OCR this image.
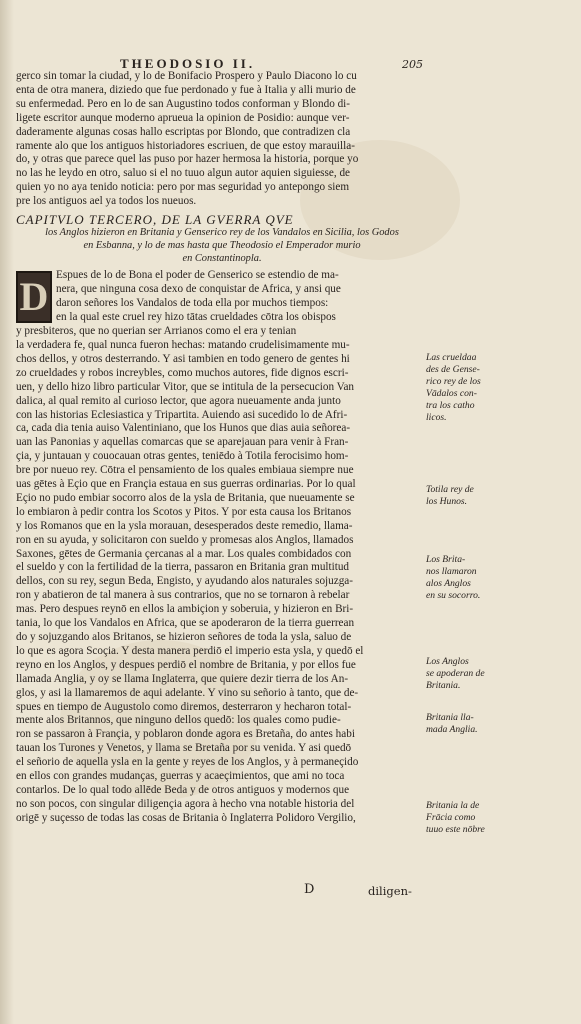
THEODOSIO II.	205
gerco sin tomar la ciudad, y lo de Bonifacio Prospero y Paulo Diacono lo cu
enta de otra manera, diziedo que fue perdonado y fue à Italia y alli murio de
su enfermedad. Pero en lo de san Augustino todos conforman y Blondo di-
ligete escritor aunque moderno aprueua la opinion de Posidio: aunque ver-
daderamente algunas cosas hallo escriptas por Blondo, que contradizen cla
ramente alo que los antiguos historiadores escriuen, de que estoy marauilla-
do, y otras que parece quel las puso por hazer hermosa la historia, porque yo
no las he leydo en otro, saluo si el no tuuo algun autor aquien siguiesse, de
quien yo no aya tenido noticia: pero por mas seguridad yo antepongo siem
pre los antiguos ael ya todos los nueuos.
CAPITVLO TERCERO, DE LA GVERRA QVE
los Anglos hizieron en Britania y Genserico rey de los Vandalos en Sicilia, los Godos
en Esbanna, y lo de mas hasta que Theodosio el Emperador murio
en Constantinopla.
D Espues de lo de Bona el poder de Genserico se estendio de ma-
nera, que ninguna cosa dexo de conquistar de Africa, y ansi que
daron señores los Vandalos de toda ella por muchos tiempos:
en la qual este cruel rey hizo tātas crueldades cōtra los obispos
y presbiteros, que no querian ser Arrianos como el era y tenian
la verdadera fe, qual nunca fueron hechas: matando crudelisimamente mu-
chos dellos, y otros desterrando. Y asi tambien en todo genero de gentes hi
zo crueldades y robos increybles, como muchos autores, fide dignos escri-
uen, y dello hizo libro particular Vitor, que se intitula de la persecucion Van
dalica, al qual remito al curioso lector, que agora nueuamente anda junto
con las historias Eclesiastica y Tripartita. Auiendo asi sucedido lo de Afri-
ca, cada dia tenia auiso Valentiniano, que los Hunos que dias auia señorea-
uan las Panonias y aquellas comarcas que se aparejauan para venir à Fran-
çia, y juntauan y couocauan otras gentes, teniēdo à Totila ferocisimo hom-
bre por nueuo rey. Cōtra el pensamiento de los quales embiaua siempre nue
uas gētes à Eçio que en Françia estaua en sus guerras ordinarias. Por lo qual
Eçio no pudo embiar socorro alos de la ysla de Britania, que nueuamente se
lo embiaron à pedir contra los Scotos y Pitos. Y por esta causa los Britanos
y los Romanos que en la ysla morauan, desesperados deste remedio, llama-
ron en su ayuda, y solicitaron con sueldo y promesas alos Anglos, llamados
Saxones, gētes de Germania çercanas al a mar. Los quales combidados con
el sueldo y con la fertilidad de la tierra, passaron en Britania gran multitud
dellos, con su rey, segun Beda, Engisto, y ayudando alos naturales sojuzga-
ron y abatieron de tal manera à sus contrarios, que no se tornaron à rebelar
mas. Pero despues reynō en ellos la ambiçion y soberuia, y hizieron en Bri-
tania, lo que los Vandalos en Africa, que se apoderaron de la tierra guerrean
do y sojuzgando alos Britanos, se hizieron señores de toda la ysla, saluo de
lo que es agora Scoçia. Y desta manera perdiō el imperio esta ysla, y quedō el
reyno en los Anglos, y despues perdiō el nombre de Britania, y por ellos fue
llamada Anglia, y oy se llama Inglaterra, que quiere dezir tierra de los An-
glos, y asi la llamaremos de aqui adelante. Y vino su señorio à tanto, que de-
spues en tiempo de Augustolo como diremos, desterraron y hecharon total-
mente alos Britannos, que ninguno dellos quedō: los quales como pudie-
ron se passaron à Françia, y poblaron donde agora es Bretaña, do antes habi
tauan los Turones y Venetos, y llama se Bretaña por su venida. Y asi quedō
el señorio de aquella ysla en la gente y reyes de los Anglos, y à permaneçido
en ellos con grandes mudanças, guerras y acaeçimientos, que ami no toca
contarlos. De lo qual todo allēde Beda y de otros antiguos y modernos que
no son pocos, con singular diligençia agora à hecho vna notable historia del
origē y suçesso de todas las cosas de Britania ò Inglaterra Polidoro Vergilio,
Las crueldaa
des de Gense-
rico rey de los
Vādalos con-
tra los catho
licos.
Totila rey de
los Hunos.
Los Brita-
nos llamaron
alos Anglos
en su socorro.
Los Anglos
se apoderan de
Britania.
Britania lla-
mada Anglia.
Britania la de
Frācia como
tuuo este nōbre
D	diligen-
